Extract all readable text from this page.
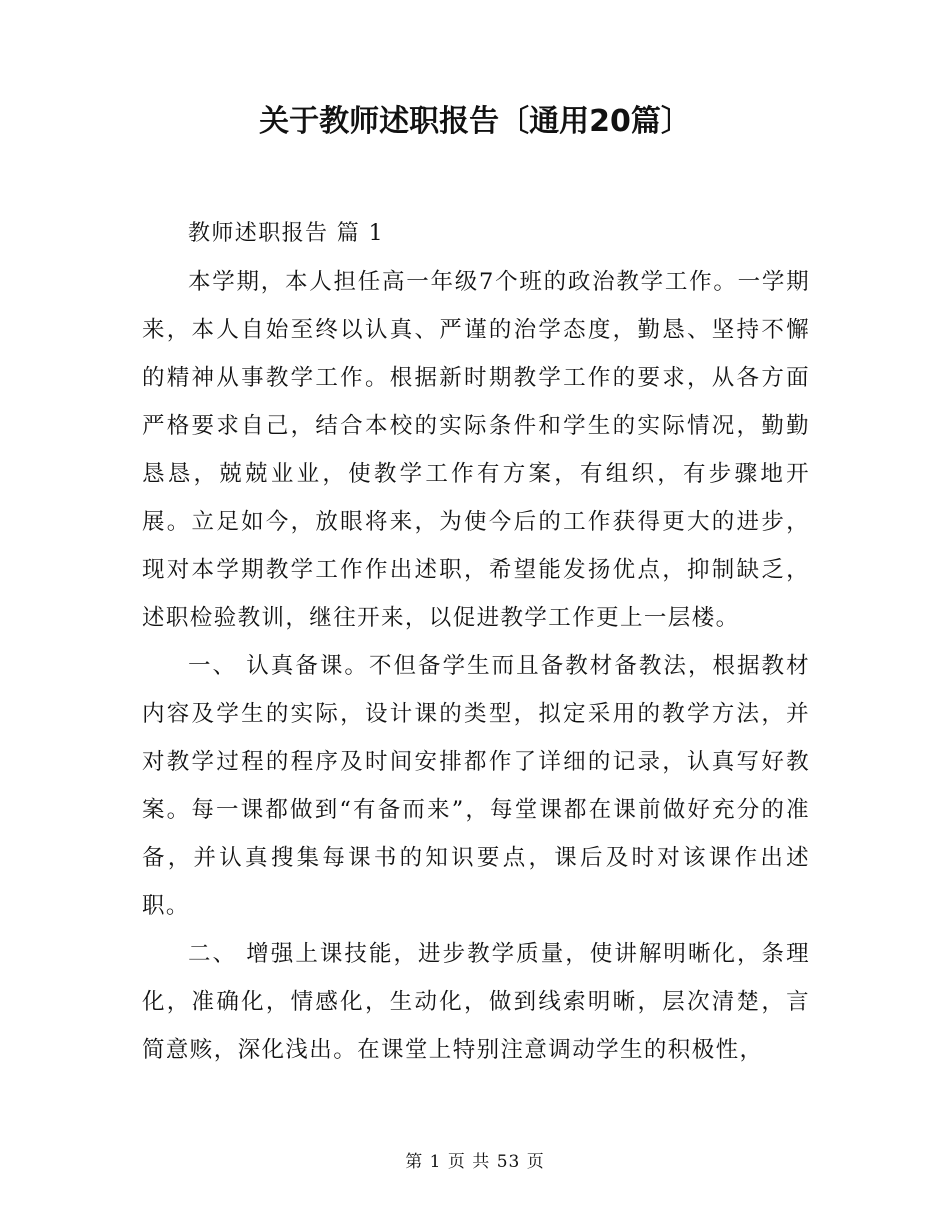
关于教师述职报告〔通用20篇〕

教师述职报告 篇 1

本学期，本人担任高一年级7个班的政治教学工作。一学期来，本人自始至终以认真、严谨的治学态度，勤恳、坚持不懈的精神从事教学工作。根据新时期教学工作的要求，从各方面严格要求自己，结合本校的实际条件和学生的实际情况，勤勤恳恳，兢兢业业，使教学工作有方案，有组织，有步骤地开展。立足如今，放眼将来，为使今后的工作获得更大的进步，现对本学期教学工作作出述职，希望能发扬优点，抑制缺乏，述职检验教训，继往开来，以促进教学工作更上一层楼。

一、 认真备课。不但备学生而且备教材备教法，根据教材内容及学生的实际，设计课的类型，拟定采用的教学方法，并对教学过程的程序及时间安排都作了详细的记录，认真写好教案。每一课都做到“有备而来”，每堂课都在课前做好充分的准备，并认真搜集每课书的知识要点，课后及时对该课作出述职。

二、 增强上课技能，进步教学质量，使讲解明晰化，条理化，准确化，情感化，生动化，做到线索明晰，层次清楚，言简意赅，深化浅出。在课堂上特别注意调动学生的积极性，

第 1 页 共 53 页
